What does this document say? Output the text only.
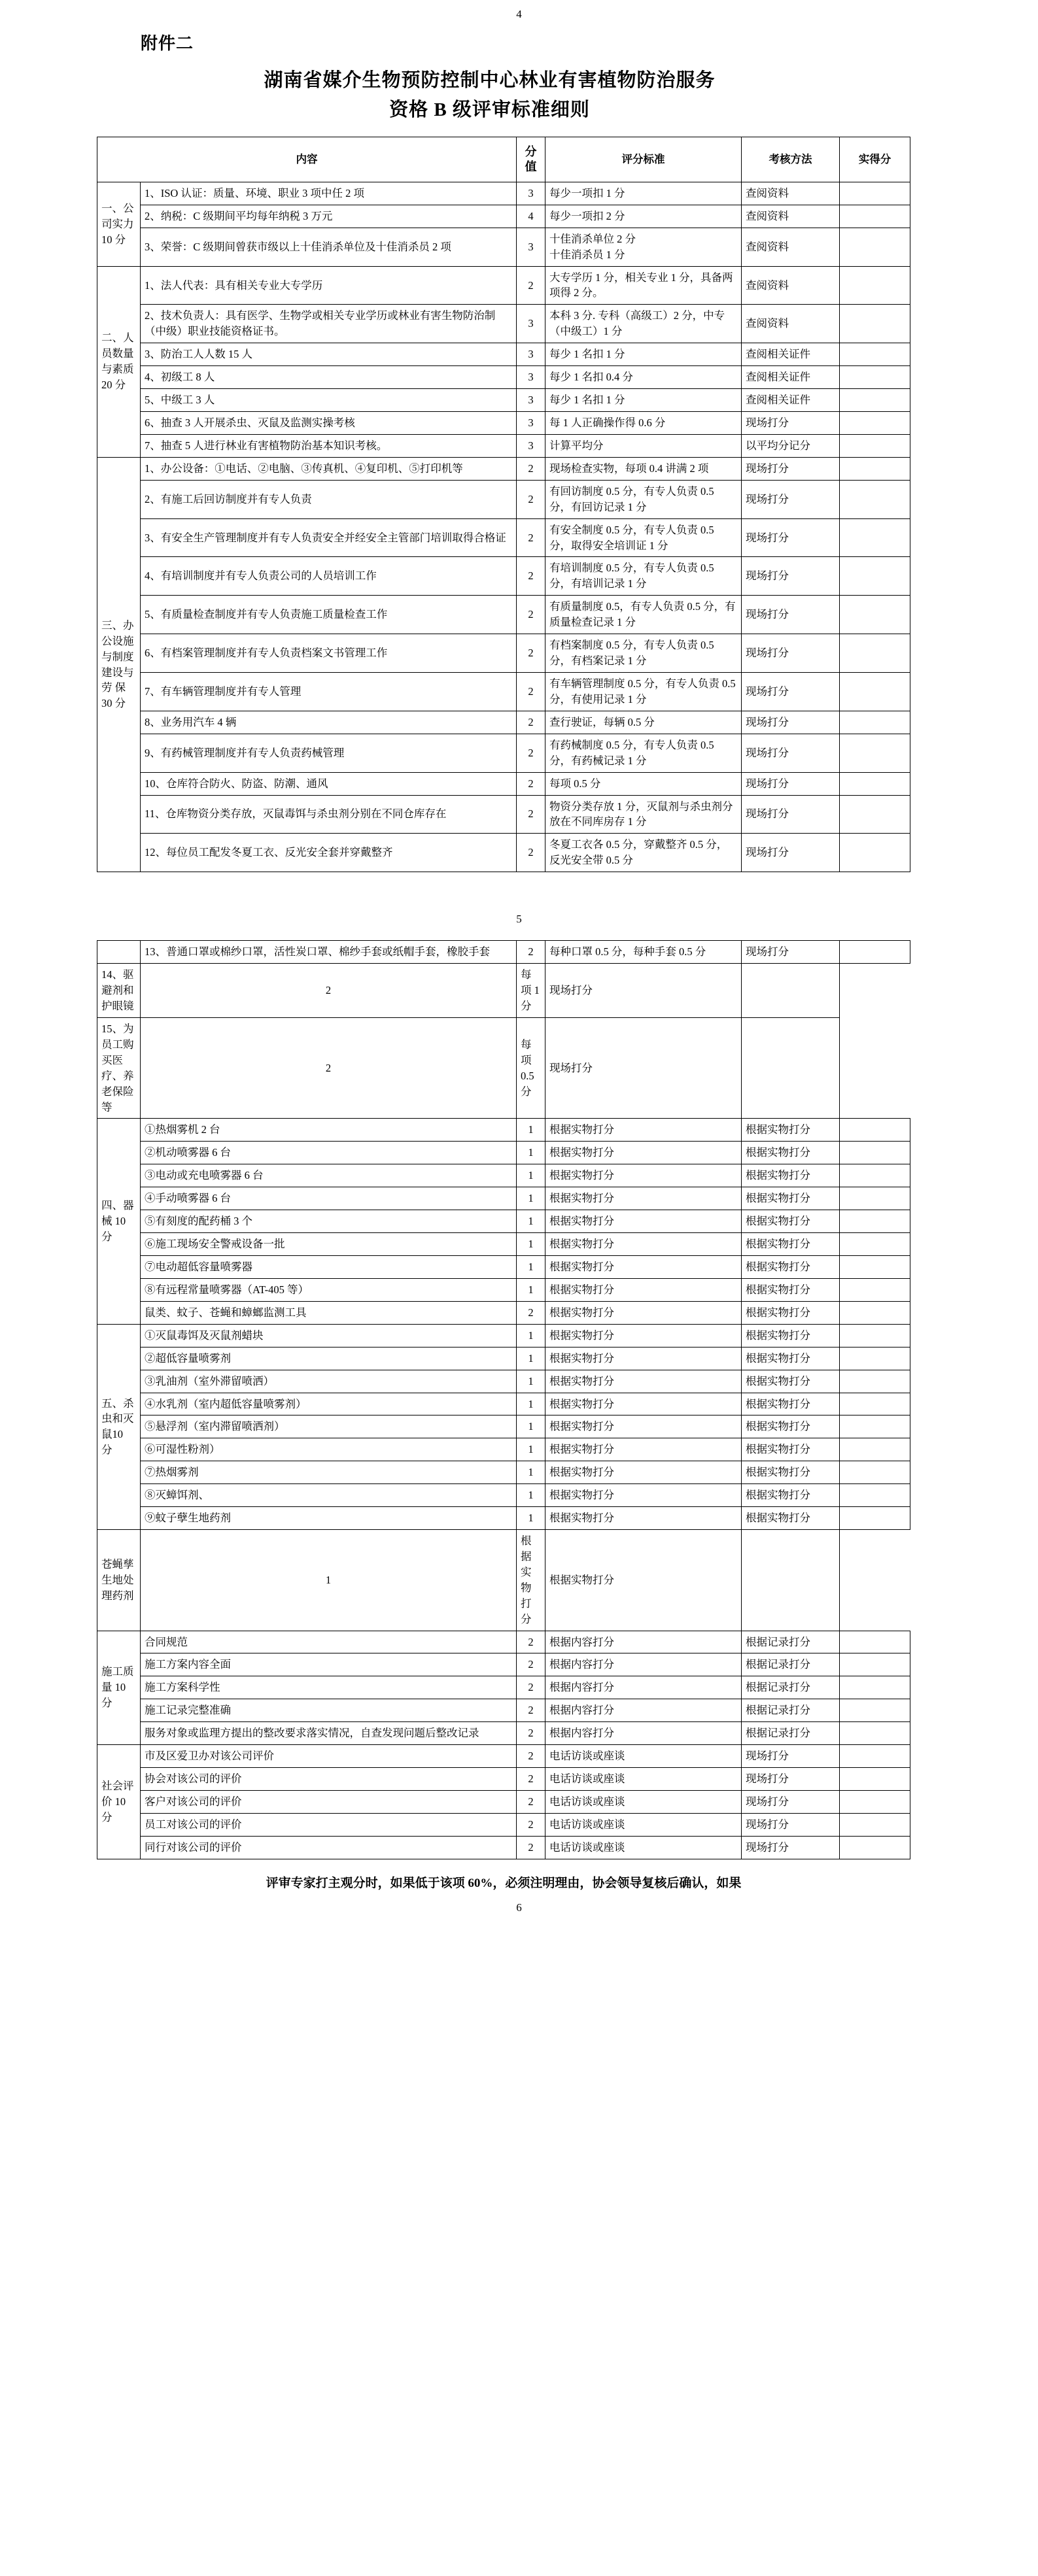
4
附件二
湖南省媒介生物预防控制中心林业有害植物防治服务
资格 B 级评审标准细则
内容		分值	评分标准	考核方法	实得分
一、公司实力10 分	1、ISO 认证：质量、环境、职业 3 项中任 2 项	3	每少一项扣 1 分	查阅资料	
	2、纳税：C 级期间平均每年纳税 3 万元	4	每少一项扣 2 分	查阅资料	
	3、荣誉：C 级期间曾获市级以上十佳消杀单位及十佳消杀员 2 项	3	十佳消杀单位 2 分
十佳消杀员 1 分	查阅资料	
二、人员数量与素质20 分	1、法人代表：具有相关专业大专学历	2	大专学历 1 分，相关专业 1 分，具备两项得 2 分。	查阅资料	
	2、技术负责人：具有医学、生物学或相关专业学历或林业有害生物防治制（中级）职业技能资格证书。	3	本科 3 分. 专科（高级工）2 分，中专（中级工）1 分	查阅资料	
	3、防治工人人数 15 人	3	每少 1 名扣 1 分	查阅相关证件	
	4、初级工 8 人	3	每少 1 名扣 0.4 分	查阅相关证件	
	5、中级工 3 人	3	每少 1 名扣 1 分	查阅相关证件	
	6、抽查 3 人开展杀虫、灭鼠及监测实操考核	3	每 1 人正确操作得 0.6 分	现场打分	
	7、抽查 5 人进行林业有害植物防治基本知识考核。	3	计算平均分	以平均分记分	
三、办公设施与制度建设与劳 保30 分	1、办公设备：①电话、②电脑、③传真机、④复印机、⑤打印机等	2	现场检查实物，每项 0.4 讲满 2 项	现场打分	
	2、有施工后回访制度并有专人负责	2	有回访制度 0.5 分，有专人负责 0.5 分，有回访记录 1 分	现场打分	
	3、有安全生产管理制度并有专人负责安全并经安全主管部门培训取得合格证	2	有安全制度 0.5 分，有专人负责 0.5 分，取得安全培训证 1 分	现场打分	
	4、有培训制度并有专人负责公司的人员培训工作	2	有培训制度 0.5 分，有专人负责 0.5 分，有培训记录 1 分	现场打分	
	5、有质量检查制度并有专人负责施工质量检查工作	2	有质量制度 0.5，有专人负责 0.5 分，有质量检查记录 1 分	现场打分	
	6、有档案管理制度并有专人负责档案文书管理工作	2	有档案制度 0.5 分，有专人负责 0.5 分，有档案记录 1 分	现场打分	
	7、有车辆管理制度并有专人管理	2	有车辆管理制度 0.5 分，有专人负责 0.5 分，有使用记录 1 分	现场打分	
	8、业务用汽车 4 辆	2	查行驶证，每辆 0.5 分	现场打分	
	9、有药械管理制度并有专人负责药械管理	2	有药械制度 0.5 分，有专人负责 0.5 分，有药械记录 1 分	现场打分	
	10、仓库符合防火、防盗、防潮、通风	2	每项 0.5 分	现场打分	
	11、仓库物资分类存放，灭鼠毒饵与杀虫剂分别在不同仓库存在	2	物资分类存放 1 分，灭鼠剂与杀虫剂分放在不同库房存 1 分	现场打分	
	12、每位员工配发冬夏工衣、反光安全套并穿戴整齐	2	冬夏工衣各 0.5 分，穿戴整齐 0.5 分，反光安全带 0.5 分	现场打分	
5
	13、普通口罩或棉纱口罩，活性炭口罩、棉纱手套或纸帽手套，橡胶手套	2	每种口罩 0.5 分，每种手套 0.5 分	现场打分	
14、驱避剂和护眼镜	2	每项 1 分	现场打分		
15、为员工购买医疗、养老保险等	2	每项 0.5 分	现场打分		
四、器械 10分	①热烟雾机 2 台	1	根据实物打分	根据实物打分	
	②机动喷雾器 6 台	1	根据实物打分	根据实物打分	
	③电动或充电喷雾器 6 台	1	根据实物打分	根据实物打分	
	④手动喷雾器 6 台	1	根据实物打分	根据实物打分	
	⑤有刻度的配药桶 3 个	1	根据实物打分	根据实物打分	
	⑥施工现场安全警戒设备一批	1	根据实物打分	根据实物打分	
	⑦电动超低容量喷雾器	1	根据实物打分	根据实物打分	
	⑧有远程常量喷雾器（AT-405 等）	1	根据实物打分	根据实物打分	
	鼠类、蚊子、苍蝇和蟑螂监测工具	2	根据实物打分	根据实物打分	
五、杀虫和灭鼠10 分	①灭鼠毒饵及灭鼠剂蜡块	1	根据实物打分	根据实物打分	
	②超低容量喷雾剂	1	根据实物打分	根据实物打分	
	③乳油剂（室外滞留喷洒）	1	根据实物打分	根据实物打分	
	④水乳剂（室内超低容量喷雾剂）	1	根据实物打分	根据实物打分	
	⑤悬浮剂（室内滞留喷洒剂）	1	根据实物打分	根据实物打分	
	⑥可湿性粉剂）	1	根据实物打分	根据实物打分	
	⑦热烟雾剂	1	根据实物打分	根据实物打分	
	⑧灭蟑饵剂、	1	根据实物打分	根据实物打分	
	⑨蚊子孽生地药剂	1	根据实物打分	根据实物打分	
苍蝇孳生地处理药剂	1	根据实物打分	根据实物打分		
施工质量 10分	合同规范	2	根据内容打分	根据记录打分	
	施工方案内容全面	2	根据内容打分	根据记录打分	
	施工方案科学性	2	根据内容打分	根据记录打分	
	施工记录完整准确	2	根据内容打分	根据记录打分	
	服务对象或监理方提出的整改要求落实情况，自查发现问题后整改记录	2	根据内容打分	根据记录打分	
社会评价 10分	市及区爱卫办对该公司评价	2	电话访谈或座谈	现场打分	
	协会对该公司的评价	2	电话访谈或座谈	现场打分	
	客户对该公司的评价	2	电话访谈或座谈	现场打分	
	员工对该公司的评价	2	电话访谈或座谈	现场打分	
	同行对该公司的评价	2	电话访谈或座谈	现场打分	
评审专家打主观分时，如果低于该项 60%，必须注明理由，协会领导复核后确认，如果
6
